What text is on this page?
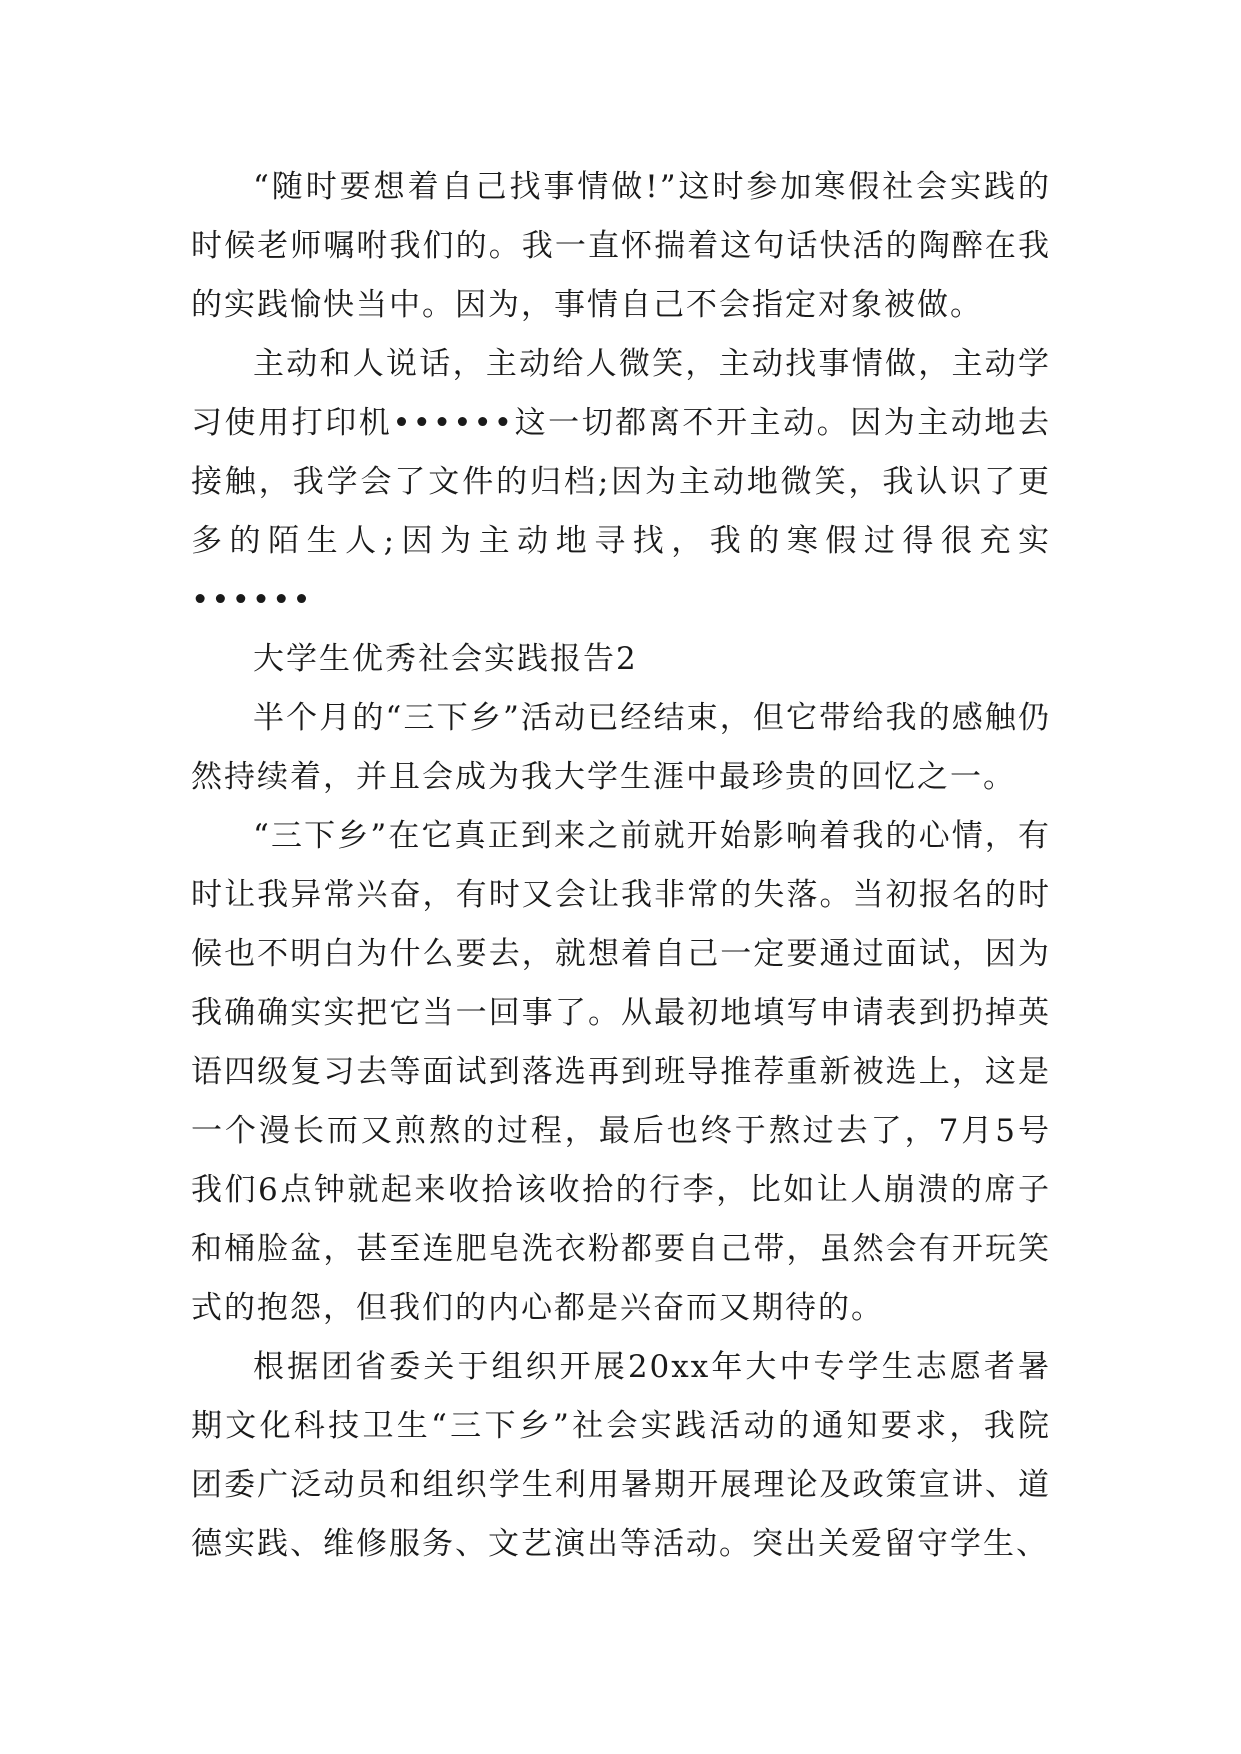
“随时要想着自己找事情做!”这时参加寒假社会实践的时候老师嘱咐我们的。我一直怀揣着这句话快活的陶醉在我的实践愉快当中。因为，事情自己不会指定对象被做。

主动和人说话，主动给人微笑，主动找事情做，主动学习使用打印机••••••这一切都离不开主动。因为主动地去接触，我学会了文件的归档;因为主动地微笑，我认识了更多的陌生人;因为主动地寻找，我的寒假过得很充实••••••

大学生优秀社会实践报告2

半个月的“三下乡”活动已经结束，但它带给我的感触仍然持续着，并且会成为我大学生涯中最珍贵的回忆之一。

“三下乡”在它真正到来之前就开始影响着我的心情，有时让我异常兴奋，有时又会让我非常的失落。当初报名的时候也不明白为什么要去，就想着自己一定要通过面试，因为我确确实实把它当一回事了。从最初地填写申请表到扔掉英语四级复习去等面试到落选再到班导推荐重新被选上，这是一个漫长而又煎熬的过程，最后也终于熬过去了，7月5号我们6点钟就起来收拾该收拾的行李，比如让人崩溃的席子和桶脸盆，甚至连肥皂洗衣粉都要自己带，虽然会有开玩笑式的抱怨，但我们的内心都是兴奋而又期待的。

根据团省委关于组织开展20xx年大中专学生志愿者暑期文化科技卫生“三下乡”社会实践活动的通知要求，我院团委广泛动员和组织学生利用暑期开展理论及政策宣讲、道德实践、维修服务、文艺演出等活动。突出关爱留守学生、
